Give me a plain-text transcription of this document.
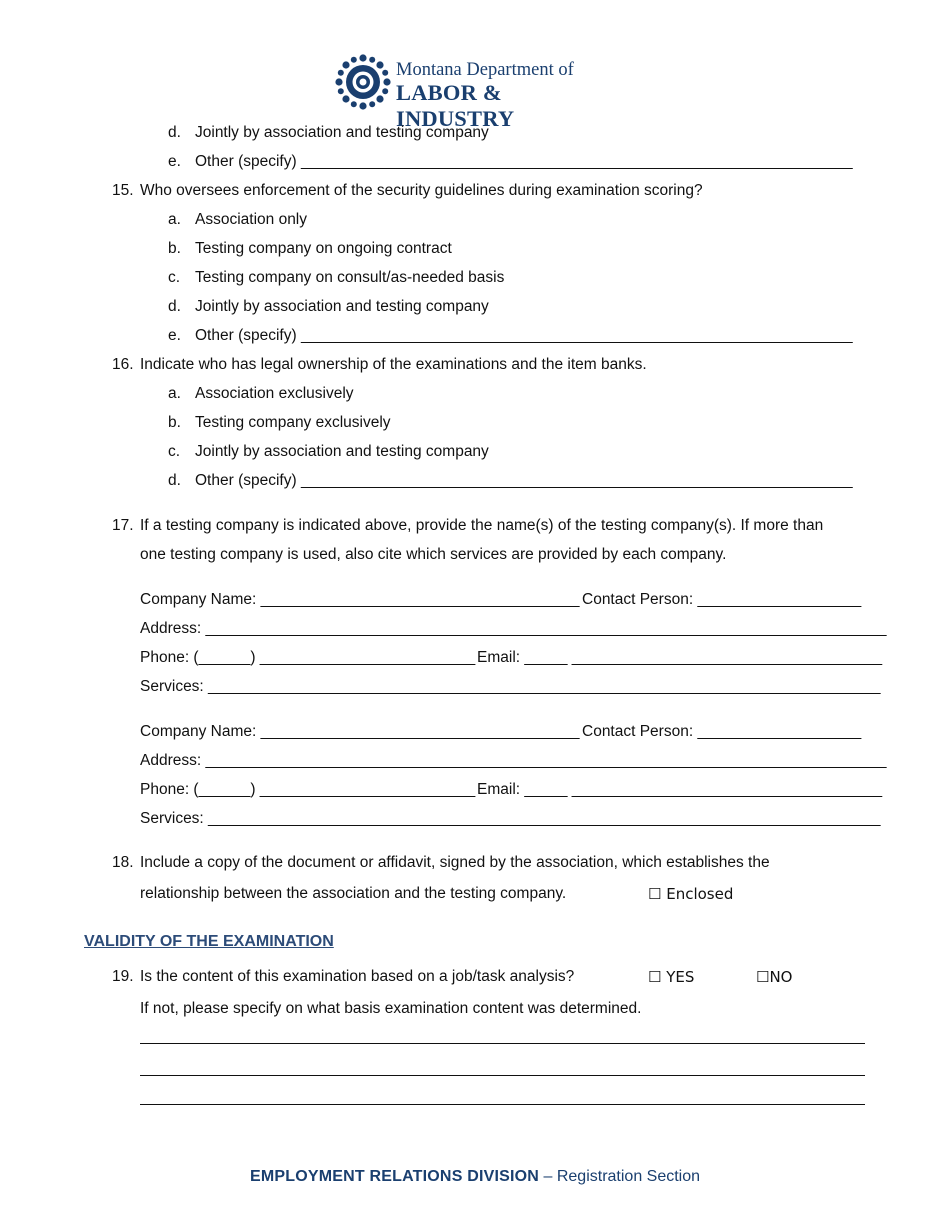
Montana Department of
LABOR & INDUSTRY
d. Jointly by association and testing company
e. Other (specify) ________________________________________________________________
15. Who oversees enforcement of the security guidelines during examination scoring?
a. Association only
b. Testing company on ongoing contract
c. Testing company on consult/as-needed basis
d. Jointly by association and testing company
e. Other (specify) ________________________________________________________________
16. Indicate who has legal ownership of the examinations and the item banks.
a. Association exclusively
b. Testing company exclusively
c. Jointly by association and testing company
d. Other (specify) ________________________________________________________________
17. If a testing company is indicated above, provide the name(s) of the testing company(s). If more than
one testing company is used, also cite which services are provided by each company.
Company Name: _____________________________________ Contact Person: ___________________
Address: _______________________________________________________________________________
Phone: (______) _________________________ Email: _____ ____________________________________
Services: ______________________________________________________________________________
Company Name: _____________________________________ Contact Person: ___________________
Address: _______________________________________________________________________________
Phone: (______) _________________________ Email: _____ ____________________________________
Services: ______________________________________________________________________________
18. Include a copy of the document or affidavit, signed by the association, which establishes the
relationship between the association and the testing company.	☐ Enclosed
VALIDITY OF THE EXAMINATION
19. Is the content of this examination based on a job/task analysis?	☐ YES	☐NO
If not, please specify on what basis examination content was determined.
EMPLOYMENT RELATIONS DIVISION – Registration Section
